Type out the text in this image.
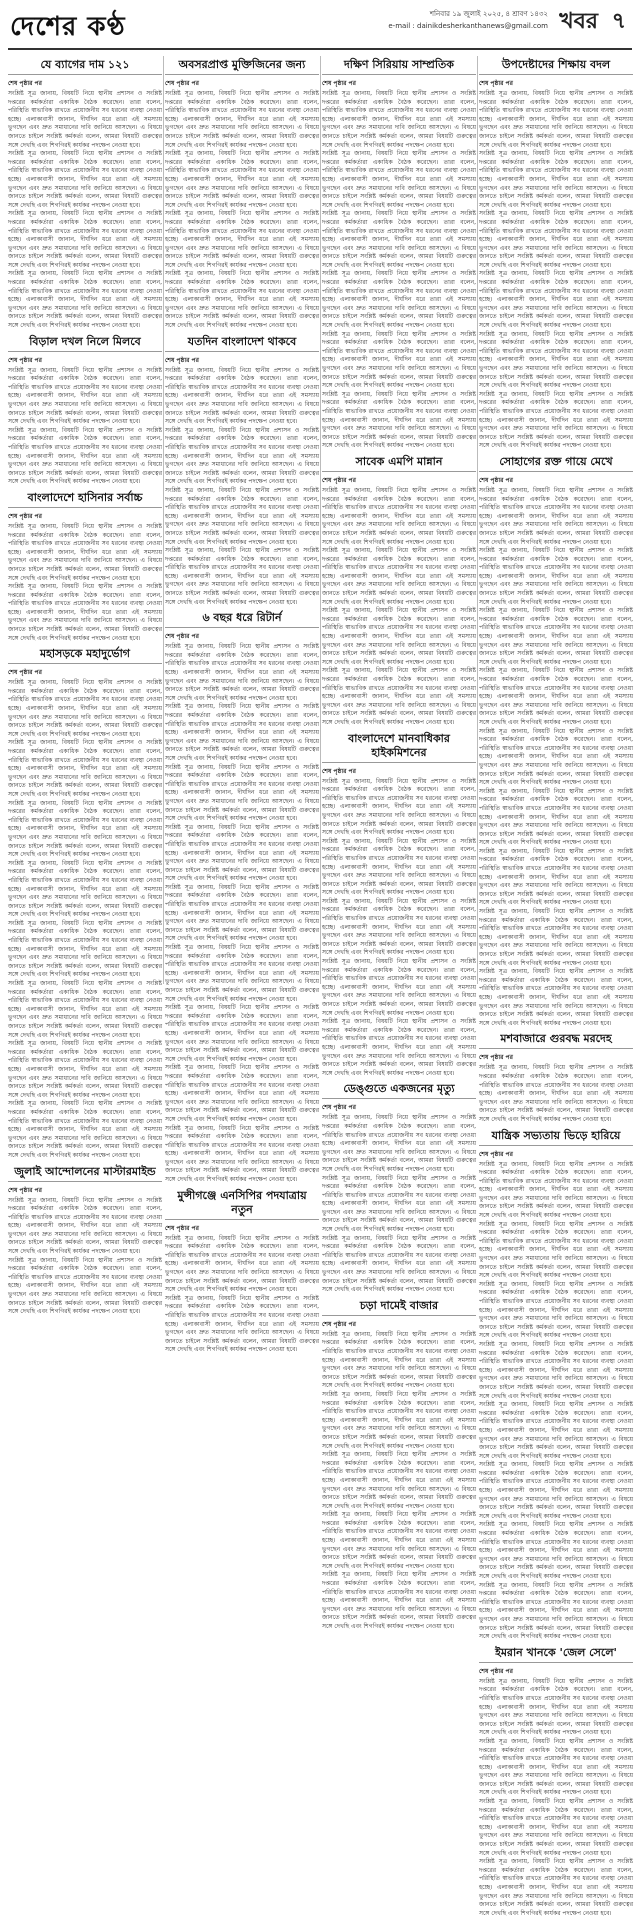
দেশের কণ্ঠ	শনিবার ১৯ জুলাই ২০২৫, ৪ শ্রাবণ ১৪৩২
e-mail : dainikdesherkanthanews@gmail.com খবর ৭
যে ব্যাগের দাম ১২১
শেষ পৃষ্ঠার পর

সংশ্লিষ্ট সূত্র জানায়, বিষয়টি নিয়ে স্থানীয় প্রশাসন ও সংশ্লিষ্ট দপ্তরের কর্মকর্তারা একাধিক বৈঠক করেছেন। তারা বলেন, পরিস্থিতি স্বাভাবিক রাখতে প্রয়োজনীয় সব ধরনের ব্যবস্থা নেওয়া হচ্ছে। এলাকাবাসী জানান, দীর্ঘদিন ধরে তারা এই সমস্যায় ভুগছেন এবং দ্রুত সমাধানের দাবি জানিয়ে আসছেন। এ বিষয়ে জানতে চাইলে সংশ্লিষ্ট কর্মকর্তা বলেন, আমরা বিষয়টি গুরুত্বের সঙ্গে দেখছি এবং শিগগিরই কার্যকর পদক্ষেপ নেওয়া হবে।

সংশ্লিষ্ট সূত্র জানায়, বিষয়টি নিয়ে স্থানীয় প্রশাসন ও সংশ্লিষ্ট দপ্তরের কর্মকর্তারা একাধিক বৈঠক করেছেন। তারা বলেন, পরিস্থিতি স্বাভাবিক রাখতে প্রয়োজনীয় সব ধরনের ব্যবস্থা নেওয়া হচ্ছে। এলাকাবাসী জানান, দীর্ঘদিন ধরে তারা এই সমস্যায় ভুগছেন এবং দ্রুত সমাধানের দাবি জানিয়ে আসছেন। এ বিষয়ে জানতে চাইলে সংশ্লিষ্ট কর্মকর্তা বলেন, আমরা বিষয়টি গুরুত্বের সঙ্গে দেখছি এবং শিগগিরই কার্যকর পদক্ষেপ নেওয়া হবে।

সংশ্লিষ্ট সূত্র জানায়, বিষয়টি নিয়ে স্থানীয় প্রশাসন ও সংশ্লিষ্ট দপ্তরের কর্মকর্তারা একাধিক বৈঠক করেছেন। তারা বলেন, পরিস্থিতি স্বাভাবিক রাখতে প্রয়োজনীয় সব ধরনের ব্যবস্থা নেওয়া হচ্ছে। এলাকাবাসী জানান, দীর্ঘদিন ধরে তারা এই সমস্যায় ভুগছেন এবং দ্রুত সমাধানের দাবি জানিয়ে আসছেন। এ বিষয়ে জানতে চাইলে সংশ্লিষ্ট কর্মকর্তা বলেন, আমরা বিষয়টি গুরুত্বের সঙ্গে দেখছি এবং শিগগিরই কার্যকর পদক্ষেপ নেওয়া হবে।

সংশ্লিষ্ট সূত্র জানায়, বিষয়টি নিয়ে স্থানীয় প্রশাসন ও সংশ্লিষ্ট দপ্তরের কর্মকর্তারা একাধিক বৈঠক করেছেন। তারা বলেন, পরিস্থিতি স্বাভাবিক রাখতে প্রয়োজনীয় সব ধরনের ব্যবস্থা নেওয়া হচ্ছে। এলাকাবাসী জানান, দীর্ঘদিন ধরে তারা এই সমস্যায় ভুগছেন এবং দ্রুত সমাধানের দাবি জানিয়ে আসছেন। এ বিষয়ে জানতে চাইলে সংশ্লিষ্ট কর্মকর্তা বলেন, আমরা বিষয়টি গুরুত্বের সঙ্গে দেখছি এবং শিগগিরই কার্যকর পদক্ষেপ নেওয়া হবে।

বিড়াল দখল নিলে মিলবে
শেষ পৃষ্ঠার পর

সংশ্লিষ্ট সূত্র জানায়, বিষয়টি নিয়ে স্থানীয় প্রশাসন ও সংশ্লিষ্ট দপ্তরের কর্মকর্তারা একাধিক বৈঠক করেছেন। তারা বলেন, পরিস্থিতি স্বাভাবিক রাখতে প্রয়োজনীয় সব ধরনের ব্যবস্থা নেওয়া হচ্ছে। এলাকাবাসী জানান, দীর্ঘদিন ধরে তারা এই সমস্যায় ভুগছেন এবং দ্রুত সমাধানের দাবি জানিয়ে আসছেন। এ বিষয়ে জানতে চাইলে সংশ্লিষ্ট কর্মকর্তা বলেন, আমরা বিষয়টি গুরুত্বের সঙ্গে দেখছি এবং শিগগিরই কার্যকর পদক্ষেপ নেওয়া হবে।

সংশ্লিষ্ট সূত্র জানায়, বিষয়টি নিয়ে স্থানীয় প্রশাসন ও সংশ্লিষ্ট দপ্তরের কর্মকর্তারা একাধিক বৈঠক করেছেন। তারা বলেন, পরিস্থিতি স্বাভাবিক রাখতে প্রয়োজনীয় সব ধরনের ব্যবস্থা নেওয়া হচ্ছে। এলাকাবাসী জানান, দীর্ঘদিন ধরে তারা এই সমস্যায় ভুগছেন এবং দ্রুত সমাধানের দাবি জানিয়ে আসছেন। এ বিষয়ে জানতে চাইলে সংশ্লিষ্ট কর্মকর্তা বলেন, আমরা বিষয়টি গুরুত্বের সঙ্গে দেখছি এবং শিগগিরই কার্যকর পদক্ষেপ নেওয়া হবে।

বাংলাদেশে হাসিনার সর্বাচ্চ
শেষ পৃষ্ঠার পর

সংশ্লিষ্ট সূত্র জানায়, বিষয়টি নিয়ে স্থানীয় প্রশাসন ও সংশ্লিষ্ট দপ্তরের কর্মকর্তারা একাধিক বৈঠক করেছেন। তারা বলেন, পরিস্থিতি স্বাভাবিক রাখতে প্রয়োজনীয় সব ধরনের ব্যবস্থা নেওয়া হচ্ছে। এলাকাবাসী জানান, দীর্ঘদিন ধরে তারা এই সমস্যায় ভুগছেন এবং দ্রুত সমাধানের দাবি জানিয়ে আসছেন। এ বিষয়ে জানতে চাইলে সংশ্লিষ্ট কর্মকর্তা বলেন, আমরা বিষয়টি গুরুত্বের সঙ্গে দেখছি এবং শিগগিরই কার্যকর পদক্ষেপ নেওয়া হবে।

সংশ্লিষ্ট সূত্র জানায়, বিষয়টি নিয়ে স্থানীয় প্রশাসন ও সংশ্লিষ্ট দপ্তরের কর্মকর্তারা একাধিক বৈঠক করেছেন। তারা বলেন, পরিস্থিতি স্বাভাবিক রাখতে প্রয়োজনীয় সব ধরনের ব্যবস্থা নেওয়া হচ্ছে। এলাকাবাসী জানান, দীর্ঘদিন ধরে তারা এই সমস্যায় ভুগছেন এবং দ্রুত সমাধানের দাবি জানিয়ে আসছেন। এ বিষয়ে জানতে চাইলে সংশ্লিষ্ট কর্মকর্তা বলেন, আমরা বিষয়টি গুরুত্বের সঙ্গে দেখছি এবং শিগগিরই কার্যকর পদক্ষেপ নেওয়া হবে।

মহাসড়কে মহাদুর্ভোগ
শেষ পৃষ্ঠার পর

সংশ্লিষ্ট সূত্র জানায়, বিষয়টি নিয়ে স্থানীয় প্রশাসন ও সংশ্লিষ্ট দপ্তরের কর্মকর্তারা একাধিক বৈঠক করেছেন। তারা বলেন, পরিস্থিতি স্বাভাবিক রাখতে প্রয়োজনীয় সব ধরনের ব্যবস্থা নেওয়া হচ্ছে। এলাকাবাসী জানান, দীর্ঘদিন ধরে তারা এই সমস্যায় ভুগছেন এবং দ্রুত সমাধানের দাবি জানিয়ে আসছেন। এ বিষয়ে জানতে চাইলে সংশ্লিষ্ট কর্মকর্তা বলেন, আমরা বিষয়টি গুরুত্বের সঙ্গে দেখছি এবং শিগগিরই কার্যকর পদক্ষেপ নেওয়া হবে।

সংশ্লিষ্ট সূত্র জানায়, বিষয়টি নিয়ে স্থানীয় প্রশাসন ও সংশ্লিষ্ট দপ্তরের কর্মকর্তারা একাধিক বৈঠক করেছেন। তারা বলেন, পরিস্থিতি স্বাভাবিক রাখতে প্রয়োজনীয় সব ধরনের ব্যবস্থা নেওয়া হচ্ছে। এলাকাবাসী জানান, দীর্ঘদিন ধরে তারা এই সমস্যায় ভুগছেন এবং দ্রুত সমাধানের দাবি জানিয়ে আসছেন। এ বিষয়ে জানতে চাইলে সংশ্লিষ্ট কর্মকর্তা বলেন, আমরা বিষয়টি গুরুত্বের সঙ্গে দেখছি এবং শিগগিরই কার্যকর পদক্ষেপ নেওয়া হবে।

সংশ্লিষ্ট সূত্র জানায়, বিষয়টি নিয়ে স্থানীয় প্রশাসন ও সংশ্লিষ্ট দপ্তরের কর্মকর্তারা একাধিক বৈঠক করেছেন। তারা বলেন, পরিস্থিতি স্বাভাবিক রাখতে প্রয়োজনীয় সব ধরনের ব্যবস্থা নেওয়া হচ্ছে। এলাকাবাসী জানান, দীর্ঘদিন ধরে তারা এই সমস্যায় ভুগছেন এবং দ্রুত সমাধানের দাবি জানিয়ে আসছেন। এ বিষয়ে জানতে চাইলে সংশ্লিষ্ট কর্মকর্তা বলেন, আমরা বিষয়টি গুরুত্বের সঙ্গে দেখছি এবং শিগগিরই কার্যকর পদক্ষেপ নেওয়া হবে।

সংশ্লিষ্ট সূত্র জানায়, বিষয়টি নিয়ে স্থানীয় প্রশাসন ও সংশ্লিষ্ট দপ্তরের কর্মকর্তারা একাধিক বৈঠক করেছেন। তারা বলেন, পরিস্থিতি স্বাভাবিক রাখতে প্রয়োজনীয় সব ধরনের ব্যবস্থা নেওয়া হচ্ছে। এলাকাবাসী জানান, দীর্ঘদিন ধরে তারা এই সমস্যায় ভুগছেন এবং দ্রুত সমাধানের দাবি জানিয়ে আসছেন। এ বিষয়ে জানতে চাইলে সংশ্লিষ্ট কর্মকর্তা বলেন, আমরা বিষয়টি গুরুত্বের সঙ্গে দেখছি এবং শিগগিরই কার্যকর পদক্ষেপ নেওয়া হবে।

সংশ্লিষ্ট সূত্র জানায়, বিষয়টি নিয়ে স্থানীয় প্রশাসন ও সংশ্লিষ্ট দপ্তরের কর্মকর্তারা একাধিক বৈঠক করেছেন। তারা বলেন, পরিস্থিতি স্বাভাবিক রাখতে প্রয়োজনীয় সব ধরনের ব্যবস্থা নেওয়া হচ্ছে। এলাকাবাসী জানান, দীর্ঘদিন ধরে তারা এই সমস্যায় ভুগছেন এবং দ্রুত সমাধানের দাবি জানিয়ে আসছেন। এ বিষয়ে জানতে চাইলে সংশ্লিষ্ট কর্মকর্তা বলেন, আমরা বিষয়টি গুরুত্বের সঙ্গে দেখছি এবং শিগগিরই কার্যকর পদক্ষেপ নেওয়া হবে।

সংশ্লিষ্ট সূত্র জানায়, বিষয়টি নিয়ে স্থানীয় প্রশাসন ও সংশ্লিষ্ট দপ্তরের কর্মকর্তারা একাধিক বৈঠক করেছেন। তারা বলেন, পরিস্থিতি স্বাভাবিক রাখতে প্রয়োজনীয় সব ধরনের ব্যবস্থা নেওয়া হচ্ছে। এলাকাবাসী জানান, দীর্ঘদিন ধরে তারা এই সমস্যায় ভুগছেন এবং দ্রুত সমাধানের দাবি জানিয়ে আসছেন। এ বিষয়ে জানতে চাইলে সংশ্লিষ্ট কর্মকর্তা বলেন, আমরা বিষয়টি গুরুত্বের সঙ্গে দেখছি এবং শিগগিরই কার্যকর পদক্ষেপ নেওয়া হবে।

সংশ্লিষ্ট সূত্র জানায়, বিষয়টি নিয়ে স্থানীয় প্রশাসন ও সংশ্লিষ্ট দপ্তরের কর্মকর্তারা একাধিক বৈঠক করেছেন। তারা বলেন, পরিস্থিতি স্বাভাবিক রাখতে প্রয়োজনীয় সব ধরনের ব্যবস্থা নেওয়া হচ্ছে। এলাকাবাসী জানান, দীর্ঘদিন ধরে তারা এই সমস্যায় ভুগছেন এবং দ্রুত সমাধানের দাবি জানিয়ে আসছেন। এ বিষয়ে জানতে চাইলে সংশ্লিষ্ট কর্মকর্তা বলেন, আমরা বিষয়টি গুরুত্বের সঙ্গে দেখছি এবং শিগগিরই কার্যকর পদক্ষেপ নেওয়া হবে।

সংশ্লিষ্ট সূত্র জানায়, বিষয়টি নিয়ে স্থানীয় প্রশাসন ও সংশ্লিষ্ট দপ্তরের কর্মকর্তারা একাধিক বৈঠক করেছেন। তারা বলেন, পরিস্থিতি স্বাভাবিক রাখতে প্রয়োজনীয় সব ধরনের ব্যবস্থা নেওয়া হচ্ছে। এলাকাবাসী জানান, দীর্ঘদিন ধরে তারা এই সমস্যায় ভুগছেন এবং দ্রুত সমাধানের দাবি জানিয়ে আসছেন। এ বিষয়ে জানতে চাইলে সংশ্লিষ্ট কর্মকর্তা বলেন, আমরা বিষয়টি গুরুত্বের সঙ্গে দেখছি এবং শিগগিরই কার্যকর পদক্ষেপ নেওয়া হবে।

জুলাই আন্দোলনের মাস্টারমাইন্ড
শেষ পৃষ্ঠার পর

সংশ্লিষ্ট সূত্র জানায়, বিষয়টি নিয়ে স্থানীয় প্রশাসন ও সংশ্লিষ্ট দপ্তরের কর্মকর্তারা একাধিক বৈঠক করেছেন। তারা বলেন, পরিস্থিতি স্বাভাবিক রাখতে প্রয়োজনীয় সব ধরনের ব্যবস্থা নেওয়া হচ্ছে। এলাকাবাসী জানান, দীর্ঘদিন ধরে তারা এই সমস্যায় ভুগছেন এবং দ্রুত সমাধানের দাবি জানিয়ে আসছেন। এ বিষয়ে জানতে চাইলে সংশ্লিষ্ট কর্মকর্তা বলেন, আমরা বিষয়টি গুরুত্বের সঙ্গে দেখছি এবং শিগগিরই কার্যকর পদক্ষেপ নেওয়া হবে।

সংশ্লিষ্ট সূত্র জানায়, বিষয়টি নিয়ে স্থানীয় প্রশাসন ও সংশ্লিষ্ট দপ্তরের কর্মকর্তারা একাধিক বৈঠক করেছেন। তারা বলেন, পরিস্থিতি স্বাভাবিক রাখতে প্রয়োজনীয় সব ধরনের ব্যবস্থা নেওয়া হচ্ছে। এলাকাবাসী জানান, দীর্ঘদিন ধরে তারা এই সমস্যায় ভুগছেন এবং দ্রুত সমাধানের দাবি জানিয়ে আসছেন। এ বিষয়ে জানতে চাইলে সংশ্লিষ্ট কর্মকর্তা বলেন, আমরা বিষয়টি গুরুত্বের সঙ্গে দেখছি এবং শিগগিরই কার্যকর পদক্ষেপ নেওয়া হবে।

অবসরপ্রাপ্ত মুক্তিজিনের জন্য
শেষ পৃষ্ঠার পর

সংশ্লিষ্ট সূত্র জানায়, বিষয়টি নিয়ে স্থানীয় প্রশাসন ও সংশ্লিষ্ট দপ্তরের কর্মকর্তারা একাধিক বৈঠক করেছেন। তারা বলেন, পরিস্থিতি স্বাভাবিক রাখতে প্রয়োজনীয় সব ধরনের ব্যবস্থা নেওয়া হচ্ছে। এলাকাবাসী জানান, দীর্ঘদিন ধরে তারা এই সমস্যায় ভুগছেন এবং দ্রুত সমাধানের দাবি জানিয়ে আসছেন। এ বিষয়ে জানতে চাইলে সংশ্লিষ্ট কর্মকর্তা বলেন, আমরা বিষয়টি গুরুত্বের সঙ্গে দেখছি এবং শিগগিরই কার্যকর পদক্ষেপ নেওয়া হবে।

সংশ্লিষ্ট সূত্র জানায়, বিষয়টি নিয়ে স্থানীয় প্রশাসন ও সংশ্লিষ্ট দপ্তরের কর্মকর্তারা একাধিক বৈঠক করেছেন। তারা বলেন, পরিস্থিতি স্বাভাবিক রাখতে প্রয়োজনীয় সব ধরনের ব্যবস্থা নেওয়া হচ্ছে। এলাকাবাসী জানান, দীর্ঘদিন ধরে তারা এই সমস্যায় ভুগছেন এবং দ্রুত সমাধানের দাবি জানিয়ে আসছেন। এ বিষয়ে জানতে চাইলে সংশ্লিষ্ট কর্মকর্তা বলেন, আমরা বিষয়টি গুরুত্বের সঙ্গে দেখছি এবং শিগগিরই কার্যকর পদক্ষেপ নেওয়া হবে।

সংশ্লিষ্ট সূত্র জানায়, বিষয়টি নিয়ে স্থানীয় প্রশাসন ও সংশ্লিষ্ট দপ্তরের কর্মকর্তারা একাধিক বৈঠক করেছেন। তারা বলেন, পরিস্থিতি স্বাভাবিক রাখতে প্রয়োজনীয় সব ধরনের ব্যবস্থা নেওয়া হচ্ছে। এলাকাবাসী জানান, দীর্ঘদিন ধরে তারা এই সমস্যায় ভুগছেন এবং দ্রুত সমাধানের দাবি জানিয়ে আসছেন। এ বিষয়ে জানতে চাইলে সংশ্লিষ্ট কর্মকর্তা বলেন, আমরা বিষয়টি গুরুত্বের সঙ্গে দেখছি এবং শিগগিরই কার্যকর পদক্ষেপ নেওয়া হবে।

সংশ্লিষ্ট সূত্র জানায়, বিষয়টি নিয়ে স্থানীয় প্রশাসন ও সংশ্লিষ্ট দপ্তরের কর্মকর্তারা একাধিক বৈঠক করেছেন। তারা বলেন, পরিস্থিতি স্বাভাবিক রাখতে প্রয়োজনীয় সব ধরনের ব্যবস্থা নেওয়া হচ্ছে। এলাকাবাসী জানান, দীর্ঘদিন ধরে তারা এই সমস্যায় ভুগছেন এবং দ্রুত সমাধানের দাবি জানিয়ে আসছেন। এ বিষয়ে জানতে চাইলে সংশ্লিষ্ট কর্মকর্তা বলেন, আমরা বিষয়টি গুরুত্বের সঙ্গে দেখছি এবং শিগগিরই কার্যকর পদক্ষেপ নেওয়া হবে।

যতদিন বাংলাদেশ থাকবে
শেষ পৃষ্ঠার পর

সংশ্লিষ্ট সূত্র জানায়, বিষয়টি নিয়ে স্থানীয় প্রশাসন ও সংশ্লিষ্ট দপ্তরের কর্মকর্তারা একাধিক বৈঠক করেছেন। তারা বলেন, পরিস্থিতি স্বাভাবিক রাখতে প্রয়োজনীয় সব ধরনের ব্যবস্থা নেওয়া হচ্ছে। এলাকাবাসী জানান, দীর্ঘদিন ধরে তারা এই সমস্যায় ভুগছেন এবং দ্রুত সমাধানের দাবি জানিয়ে আসছেন। এ বিষয়ে জানতে চাইলে সংশ্লিষ্ট কর্মকর্তা বলেন, আমরা বিষয়টি গুরুত্বের সঙ্গে দেখছি এবং শিগগিরই কার্যকর পদক্ষেপ নেওয়া হবে।

সংশ্লিষ্ট সূত্র জানায়, বিষয়টি নিয়ে স্থানীয় প্রশাসন ও সংশ্লিষ্ট দপ্তরের কর্মকর্তারা একাধিক বৈঠক করেছেন। তারা বলেন, পরিস্থিতি স্বাভাবিক রাখতে প্রয়োজনীয় সব ধরনের ব্যবস্থা নেওয়া হচ্ছে। এলাকাবাসী জানান, দীর্ঘদিন ধরে তারা এই সমস্যায় ভুগছেন এবং দ্রুত সমাধানের দাবি জানিয়ে আসছেন। এ বিষয়ে জানতে চাইলে সংশ্লিষ্ট কর্মকর্তা বলেন, আমরা বিষয়টি গুরুত্বের সঙ্গে দেখছি এবং শিগগিরই কার্যকর পদক্ষেপ নেওয়া হবে।

সংশ্লিষ্ট সূত্র জানায়, বিষয়টি নিয়ে স্থানীয় প্রশাসন ও সংশ্লিষ্ট দপ্তরের কর্মকর্তারা একাধিক বৈঠক করেছেন। তারা বলেন, পরিস্থিতি স্বাভাবিক রাখতে প্রয়োজনীয় সব ধরনের ব্যবস্থা নেওয়া হচ্ছে। এলাকাবাসী জানান, দীর্ঘদিন ধরে তারা এই সমস্যায় ভুগছেন এবং দ্রুত সমাধানের দাবি জানিয়ে আসছেন। এ বিষয়ে জানতে চাইলে সংশ্লিষ্ট কর্মকর্তা বলেন, আমরা বিষয়টি গুরুত্বের সঙ্গে দেখছি এবং শিগগিরই কার্যকর পদক্ষেপ নেওয়া হবে।

সংশ্লিষ্ট সূত্র জানায়, বিষয়টি নিয়ে স্থানীয় প্রশাসন ও সংশ্লিষ্ট দপ্তরের কর্মকর্তারা একাধিক বৈঠক করেছেন। তারা বলেন, পরিস্থিতি স্বাভাবিক রাখতে প্রয়োজনীয় সব ধরনের ব্যবস্থা নেওয়া হচ্ছে। এলাকাবাসী জানান, দীর্ঘদিন ধরে তারা এই সমস্যায় ভুগছেন এবং দ্রুত সমাধানের দাবি জানিয়ে আসছেন। এ বিষয়ে জানতে চাইলে সংশ্লিষ্ট কর্মকর্তা বলেন, আমরা বিষয়টি গুরুত্বের সঙ্গে দেখছি এবং শিগগিরই কার্যকর পদক্ষেপ নেওয়া হবে।

৬ বছর ধরে রিটার্ন
শেষ পৃষ্ঠার পর

সংশ্লিষ্ট সূত্র জানায়, বিষয়টি নিয়ে স্থানীয় প্রশাসন ও সংশ্লিষ্ট দপ্তরের কর্মকর্তারা একাধিক বৈঠক করেছেন। তারা বলেন, পরিস্থিতি স্বাভাবিক রাখতে প্রয়োজনীয় সব ধরনের ব্যবস্থা নেওয়া হচ্ছে। এলাকাবাসী জানান, দীর্ঘদিন ধরে তারা এই সমস্যায় ভুগছেন এবং দ্রুত সমাধানের দাবি জানিয়ে আসছেন। এ বিষয়ে জানতে চাইলে সংশ্লিষ্ট কর্মকর্তা বলেন, আমরা বিষয়টি গুরুত্বের সঙ্গে দেখছি এবং শিগগিরই কার্যকর পদক্ষেপ নেওয়া হবে।

সংশ্লিষ্ট সূত্র জানায়, বিষয়টি নিয়ে স্থানীয় প্রশাসন ও সংশ্লিষ্ট দপ্তরের কর্মকর্তারা একাধিক বৈঠক করেছেন। তারা বলেন, পরিস্থিতি স্বাভাবিক রাখতে প্রয়োজনীয় সব ধরনের ব্যবস্থা নেওয়া হচ্ছে। এলাকাবাসী জানান, দীর্ঘদিন ধরে তারা এই সমস্যায় ভুগছেন এবং দ্রুত সমাধানের দাবি জানিয়ে আসছেন। এ বিষয়ে জানতে চাইলে সংশ্লিষ্ট কর্মকর্তা বলেন, আমরা বিষয়টি গুরুত্বের সঙ্গে দেখছি এবং শিগগিরই কার্যকর পদক্ষেপ নেওয়া হবে।

সংশ্লিষ্ট সূত্র জানায়, বিষয়টি নিয়ে স্থানীয় প্রশাসন ও সংশ্লিষ্ট দপ্তরের কর্মকর্তারা একাধিক বৈঠক করেছেন। তারা বলেন, পরিস্থিতি স্বাভাবিক রাখতে প্রয়োজনীয় সব ধরনের ব্যবস্থা নেওয়া হচ্ছে। এলাকাবাসী জানান, দীর্ঘদিন ধরে তারা এই সমস্যায় ভুগছেন এবং দ্রুত সমাধানের দাবি জানিয়ে আসছেন। এ বিষয়ে জানতে চাইলে সংশ্লিষ্ট কর্মকর্তা বলেন, আমরা বিষয়টি গুরুত্বের সঙ্গে দেখছি এবং শিগগিরই কার্যকর পদক্ষেপ নেওয়া হবে।

সংশ্লিষ্ট সূত্র জানায়, বিষয়টি নিয়ে স্থানীয় প্রশাসন ও সংশ্লিষ্ট দপ্তরের কর্মকর্তারা একাধিক বৈঠক করেছেন। তারা বলেন, পরিস্থিতি স্বাভাবিক রাখতে প্রয়োজনীয় সব ধরনের ব্যবস্থা নেওয়া হচ্ছে। এলাকাবাসী জানান, দীর্ঘদিন ধরে তারা এই সমস্যায় ভুগছেন এবং দ্রুত সমাধানের দাবি জানিয়ে আসছেন। এ বিষয়ে জানতে চাইলে সংশ্লিষ্ট কর্মকর্তা বলেন, আমরা বিষয়টি গুরুত্বের সঙ্গে দেখছি এবং শিগগিরই কার্যকর পদক্ষেপ নেওয়া হবে।

সংশ্লিষ্ট সূত্র জানায়, বিষয়টি নিয়ে স্থানীয় প্রশাসন ও সংশ্লিষ্ট দপ্তরের কর্মকর্তারা একাধিক বৈঠক করেছেন। তারা বলেন, পরিস্থিতি স্বাভাবিক রাখতে প্রয়োজনীয় সব ধরনের ব্যবস্থা নেওয়া হচ্ছে। এলাকাবাসী জানান, দীর্ঘদিন ধরে তারা এই সমস্যায় ভুগছেন এবং দ্রুত সমাধানের দাবি জানিয়ে আসছেন। এ বিষয়ে জানতে চাইলে সংশ্লিষ্ট কর্মকর্তা বলেন, আমরা বিষয়টি গুরুত্বের সঙ্গে দেখছি এবং শিগগিরই কার্যকর পদক্ষেপ নেওয়া হবে।

সংশ্লিষ্ট সূত্র জানায়, বিষয়টি নিয়ে স্থানীয় প্রশাসন ও সংশ্লিষ্ট দপ্তরের কর্মকর্তারা একাধিক বৈঠক করেছেন। তারা বলেন, পরিস্থিতি স্বাভাবিক রাখতে প্রয়োজনীয় সব ধরনের ব্যবস্থা নেওয়া হচ্ছে। এলাকাবাসী জানান, দীর্ঘদিন ধরে তারা এই সমস্যায় ভুগছেন এবং দ্রুত সমাধানের দাবি জানিয়ে আসছেন। এ বিষয়ে জানতে চাইলে সংশ্লিষ্ট কর্মকর্তা বলেন, আমরা বিষয়টি গুরুত্বের সঙ্গে দেখছি এবং শিগগিরই কার্যকর পদক্ষেপ নেওয়া হবে।

সংশ্লিষ্ট সূত্র জানায়, বিষয়টি নিয়ে স্থানীয় প্রশাসন ও সংশ্লিষ্ট দপ্তরের কর্মকর্তারা একাধিক বৈঠক করেছেন। তারা বলেন, পরিস্থিতি স্বাভাবিক রাখতে প্রয়োজনীয় সব ধরনের ব্যবস্থা নেওয়া হচ্ছে। এলাকাবাসী জানান, দীর্ঘদিন ধরে তারা এই সমস্যায় ভুগছেন এবং দ্রুত সমাধানের দাবি জানিয়ে আসছেন। এ বিষয়ে জানতে চাইলে সংশ্লিষ্ট কর্মকর্তা বলেন, আমরা বিষয়টি গুরুত্বের সঙ্গে দেখছি এবং শিগগিরই কার্যকর পদক্ষেপ নেওয়া হবে।

সংশ্লিষ্ট সূত্র জানায়, বিষয়টি নিয়ে স্থানীয় প্রশাসন ও সংশ্লিষ্ট দপ্তরের কর্মকর্তারা একাধিক বৈঠক করেছেন। তারা বলেন, পরিস্থিতি স্বাভাবিক রাখতে প্রয়োজনীয় সব ধরনের ব্যবস্থা নেওয়া হচ্ছে। এলাকাবাসী জানান, দীর্ঘদিন ধরে তারা এই সমস্যায় ভুগছেন এবং দ্রুত সমাধানের দাবি জানিয়ে আসছেন। এ বিষয়ে জানতে চাইলে সংশ্লিষ্ট কর্মকর্তা বলেন, আমরা বিষয়টি গুরুত্বের সঙ্গে দেখছি এবং শিগগিরই কার্যকর পদক্ষেপ নেওয়া হবে।

সংশ্লিষ্ট সূত্র জানায়, বিষয়টি নিয়ে স্থানীয় প্রশাসন ও সংশ্লিষ্ট দপ্তরের কর্মকর্তারা একাধিক বৈঠক করেছেন। তারা বলেন, পরিস্থিতি স্বাভাবিক রাখতে প্রয়োজনীয় সব ধরনের ব্যবস্থা নেওয়া হচ্ছে। এলাকাবাসী জানান, দীর্ঘদিন ধরে তারা এই সমস্যায় ভুগছেন এবং দ্রুত সমাধানের দাবি জানিয়ে আসছেন। এ বিষয়ে জানতে চাইলে সংশ্লিষ্ট কর্মকর্তা বলেন, আমরা বিষয়টি গুরুত্বের সঙ্গে দেখছি এবং শিগগিরই কার্যকর পদক্ষেপ নেওয়া হবে।

মুন্সীগঞ্জে এনসিপির পদযাত্রায় নতুন
শেষ পৃষ্ঠার পর

সংশ্লিষ্ট সূত্র জানায়, বিষয়টি নিয়ে স্থানীয় প্রশাসন ও সংশ্লিষ্ট দপ্তরের কর্মকর্তারা একাধিক বৈঠক করেছেন। তারা বলেন, পরিস্থিতি স্বাভাবিক রাখতে প্রয়োজনীয় সব ধরনের ব্যবস্থা নেওয়া হচ্ছে। এলাকাবাসী জানান, দীর্ঘদিন ধরে তারা এই সমস্যায় ভুগছেন এবং দ্রুত সমাধানের দাবি জানিয়ে আসছেন। এ বিষয়ে জানতে চাইলে সংশ্লিষ্ট কর্মকর্তা বলেন, আমরা বিষয়টি গুরুত্বের সঙ্গে দেখছি এবং শিগগিরই কার্যকর পদক্ষেপ নেওয়া হবে।

সংশ্লিষ্ট সূত্র জানায়, বিষয়টি নিয়ে স্থানীয় প্রশাসন ও সংশ্লিষ্ট দপ্তরের কর্মকর্তারা একাধিক বৈঠক করেছেন। তারা বলেন, পরিস্থিতি স্বাভাবিক রাখতে প্রয়োজনীয় সব ধরনের ব্যবস্থা নেওয়া হচ্ছে। এলাকাবাসী জানান, দীর্ঘদিন ধরে তারা এই সমস্যায় ভুগছেন এবং দ্রুত সমাধানের দাবি জানিয়ে আসছেন। এ বিষয়ে জানতে চাইলে সংশ্লিষ্ট কর্মকর্তা বলেন, আমরা বিষয়টি গুরুত্বের সঙ্গে দেখছি এবং শিগগিরই কার্যকর পদক্ষেপ নেওয়া হবে।

দক্ষিণ সিরিয়ায় সাম্প্রতিক
শেষ পৃষ্ঠার পর

সংশ্লিষ্ট সূত্র জানায়, বিষয়টি নিয়ে স্থানীয় প্রশাসন ও সংশ্লিষ্ট দপ্তরের কর্মকর্তারা একাধিক বৈঠক করেছেন। তারা বলেন, পরিস্থিতি স্বাভাবিক রাখতে প্রয়োজনীয় সব ধরনের ব্যবস্থা নেওয়া হচ্ছে। এলাকাবাসী জানান, দীর্ঘদিন ধরে তারা এই সমস্যায় ভুগছেন এবং দ্রুত সমাধানের দাবি জানিয়ে আসছেন। এ বিষয়ে জানতে চাইলে সংশ্লিষ্ট কর্মকর্তা বলেন, আমরা বিষয়টি গুরুত্বের সঙ্গে দেখছি এবং শিগগিরই কার্যকর পদক্ষেপ নেওয়া হবে।

সংশ্লিষ্ট সূত্র জানায়, বিষয়টি নিয়ে স্থানীয় প্রশাসন ও সংশ্লিষ্ট দপ্তরের কর্মকর্তারা একাধিক বৈঠক করেছেন। তারা বলেন, পরিস্থিতি স্বাভাবিক রাখতে প্রয়োজনীয় সব ধরনের ব্যবস্থা নেওয়া হচ্ছে। এলাকাবাসী জানান, দীর্ঘদিন ধরে তারা এই সমস্যায় ভুগছেন এবং দ্রুত সমাধানের দাবি জানিয়ে আসছেন। এ বিষয়ে জানতে চাইলে সংশ্লিষ্ট কর্মকর্তা বলেন, আমরা বিষয়টি গুরুত্বের সঙ্গে দেখছি এবং শিগগিরই কার্যকর পদক্ষেপ নেওয়া হবে।

সংশ্লিষ্ট সূত্র জানায়, বিষয়টি নিয়ে স্থানীয় প্রশাসন ও সংশ্লিষ্ট দপ্তরের কর্মকর্তারা একাধিক বৈঠক করেছেন। তারা বলেন, পরিস্থিতি স্বাভাবিক রাখতে প্রয়োজনীয় সব ধরনের ব্যবস্থা নেওয়া হচ্ছে। এলাকাবাসী জানান, দীর্ঘদিন ধরে তারা এই সমস্যায় ভুগছেন এবং দ্রুত সমাধানের দাবি জানিয়ে আসছেন। এ বিষয়ে জানতে চাইলে সংশ্লিষ্ট কর্মকর্তা বলেন, আমরা বিষয়টি গুরুত্বের সঙ্গে দেখছি এবং শিগগিরই কার্যকর পদক্ষেপ নেওয়া হবে।

সংশ্লিষ্ট সূত্র জানায়, বিষয়টি নিয়ে স্থানীয় প্রশাসন ও সংশ্লিষ্ট দপ্তরের কর্মকর্তারা একাধিক বৈঠক করেছেন। তারা বলেন, পরিস্থিতি স্বাভাবিক রাখতে প্রয়োজনীয় সব ধরনের ব্যবস্থা নেওয়া হচ্ছে। এলাকাবাসী জানান, দীর্ঘদিন ধরে তারা এই সমস্যায় ভুগছেন এবং দ্রুত সমাধানের দাবি জানিয়ে আসছেন। এ বিষয়ে জানতে চাইলে সংশ্লিষ্ট কর্মকর্তা বলেন, আমরা বিষয়টি গুরুত্বের সঙ্গে দেখছি এবং শিগগিরই কার্যকর পদক্ষেপ নেওয়া হবে।

সংশ্লিষ্ট সূত্র জানায়, বিষয়টি নিয়ে স্থানীয় প্রশাসন ও সংশ্লিষ্ট দপ্তরের কর্মকর্তারা একাধিক বৈঠক করেছেন। তারা বলেন, পরিস্থিতি স্বাভাবিক রাখতে প্রয়োজনীয় সব ধরনের ব্যবস্থা নেওয়া হচ্ছে। এলাকাবাসী জানান, দীর্ঘদিন ধরে তারা এই সমস্যায় ভুগছেন এবং দ্রুত সমাধানের দাবি জানিয়ে আসছেন। এ বিষয়ে জানতে চাইলে সংশ্লিষ্ট কর্মকর্তা বলেন, আমরা বিষয়টি গুরুত্বের সঙ্গে দেখছি এবং শিগগিরই কার্যকর পদক্ষেপ নেওয়া হবে।

সংশ্লিষ্ট সূত্র জানায়, বিষয়টি নিয়ে স্থানীয় প্রশাসন ও সংশ্লিষ্ট দপ্তরের কর্মকর্তারা একাধিক বৈঠক করেছেন। তারা বলেন, পরিস্থিতি স্বাভাবিক রাখতে প্রয়োজনীয় সব ধরনের ব্যবস্থা নেওয়া হচ্ছে। এলাকাবাসী জানান, দীর্ঘদিন ধরে তারা এই সমস্যায় ভুগছেন এবং দ্রুত সমাধানের দাবি জানিয়ে আসছেন। এ বিষয়ে জানতে চাইলে সংশ্লিষ্ট কর্মকর্তা বলেন, আমরা বিষয়টি গুরুত্বের সঙ্গে দেখছি এবং শিগগিরই কার্যকর পদক্ষেপ নেওয়া হবে।

সাবেক এমপি মান্নান
শেষ পৃষ্ঠার পর

সংশ্লিষ্ট সূত্র জানায়, বিষয়টি নিয়ে স্থানীয় প্রশাসন ও সংশ্লিষ্ট দপ্তরের কর্মকর্তারা একাধিক বৈঠক করেছেন। তারা বলেন, পরিস্থিতি স্বাভাবিক রাখতে প্রয়োজনীয় সব ধরনের ব্যবস্থা নেওয়া হচ্ছে। এলাকাবাসী জানান, দীর্ঘদিন ধরে তারা এই সমস্যায় ভুগছেন এবং দ্রুত সমাধানের দাবি জানিয়ে আসছেন। এ বিষয়ে জানতে চাইলে সংশ্লিষ্ট কর্মকর্তা বলেন, আমরা বিষয়টি গুরুত্বের সঙ্গে দেখছি এবং শিগগিরই কার্যকর পদক্ষেপ নেওয়া হবে।

সংশ্লিষ্ট সূত্র জানায়, বিষয়টি নিয়ে স্থানীয় প্রশাসন ও সংশ্লিষ্ট দপ্তরের কর্মকর্তারা একাধিক বৈঠক করেছেন। তারা বলেন, পরিস্থিতি স্বাভাবিক রাখতে প্রয়োজনীয় সব ধরনের ব্যবস্থা নেওয়া হচ্ছে। এলাকাবাসী জানান, দীর্ঘদিন ধরে তারা এই সমস্যায় ভুগছেন এবং দ্রুত সমাধানের দাবি জানিয়ে আসছেন। এ বিষয়ে জানতে চাইলে সংশ্লিষ্ট কর্মকর্তা বলেন, আমরা বিষয়টি গুরুত্বের সঙ্গে দেখছি এবং শিগগিরই কার্যকর পদক্ষেপ নেওয়া হবে।

সংশ্লিষ্ট সূত্র জানায়, বিষয়টি নিয়ে স্থানীয় প্রশাসন ও সংশ্লিষ্ট দপ্তরের কর্মকর্তারা একাধিক বৈঠক করেছেন। তারা বলেন, পরিস্থিতি স্বাভাবিক রাখতে প্রয়োজনীয় সব ধরনের ব্যবস্থা নেওয়া হচ্ছে। এলাকাবাসী জানান, দীর্ঘদিন ধরে তারা এই সমস্যায় ভুগছেন এবং দ্রুত সমাধানের দাবি জানিয়ে আসছেন। এ বিষয়ে জানতে চাইলে সংশ্লিষ্ট কর্মকর্তা বলেন, আমরা বিষয়টি গুরুত্বের সঙ্গে দেখছি এবং শিগগিরই কার্যকর পদক্ষেপ নেওয়া হবে।

সংশ্লিষ্ট সূত্র জানায়, বিষয়টি নিয়ে স্থানীয় প্রশাসন ও সংশ্লিষ্ট দপ্তরের কর্মকর্তারা একাধিক বৈঠক করেছেন। তারা বলেন, পরিস্থিতি স্বাভাবিক রাখতে প্রয়োজনীয় সব ধরনের ব্যবস্থা নেওয়া হচ্ছে। এলাকাবাসী জানান, দীর্ঘদিন ধরে তারা এই সমস্যায় ভুগছেন এবং দ্রুত সমাধানের দাবি জানিয়ে আসছেন। এ বিষয়ে জানতে চাইলে সংশ্লিষ্ট কর্মকর্তা বলেন, আমরা বিষয়টি গুরুত্বের সঙ্গে দেখছি এবং শিগগিরই কার্যকর পদক্ষেপ নেওয়া হবে।

বাংলাদেশে মানবাধিকার হাইকমিশনের
শেষ পৃষ্ঠার পর

সংশ্লিষ্ট সূত্র জানায়, বিষয়টি নিয়ে স্থানীয় প্রশাসন ও সংশ্লিষ্ট দপ্তরের কর্মকর্তারা একাধিক বৈঠক করেছেন। তারা বলেন, পরিস্থিতি স্বাভাবিক রাখতে প্রয়োজনীয় সব ধরনের ব্যবস্থা নেওয়া হচ্ছে। এলাকাবাসী জানান, দীর্ঘদিন ধরে তারা এই সমস্যায় ভুগছেন এবং দ্রুত সমাধানের দাবি জানিয়ে আসছেন। এ বিষয়ে জানতে চাইলে সংশ্লিষ্ট কর্মকর্তা বলেন, আমরা বিষয়টি গুরুত্বের সঙ্গে দেখছি এবং শিগগিরই কার্যকর পদক্ষেপ নেওয়া হবে।

সংশ্লিষ্ট সূত্র জানায়, বিষয়টি নিয়ে স্থানীয় প্রশাসন ও সংশ্লিষ্ট দপ্তরের কর্মকর্তারা একাধিক বৈঠক করেছেন। তারা বলেন, পরিস্থিতি স্বাভাবিক রাখতে প্রয়োজনীয় সব ধরনের ব্যবস্থা নেওয়া হচ্ছে। এলাকাবাসী জানান, দীর্ঘদিন ধরে তারা এই সমস্যায় ভুগছেন এবং দ্রুত সমাধানের দাবি জানিয়ে আসছেন। এ বিষয়ে জানতে চাইলে সংশ্লিষ্ট কর্মকর্তা বলেন, আমরা বিষয়টি গুরুত্বের সঙ্গে দেখছি এবং শিগগিরই কার্যকর পদক্ষেপ নেওয়া হবে।

সংশ্লিষ্ট সূত্র জানায়, বিষয়টি নিয়ে স্থানীয় প্রশাসন ও সংশ্লিষ্ট দপ্তরের কর্মকর্তারা একাধিক বৈঠক করেছেন। তারা বলেন, পরিস্থিতি স্বাভাবিক রাখতে প্রয়োজনীয় সব ধরনের ব্যবস্থা নেওয়া হচ্ছে। এলাকাবাসী জানান, দীর্ঘদিন ধরে তারা এই সমস্যায় ভুগছেন এবং দ্রুত সমাধানের দাবি জানিয়ে আসছেন। এ বিষয়ে জানতে চাইলে সংশ্লিষ্ট কর্মকর্তা বলেন, আমরা বিষয়টি গুরুত্বের সঙ্গে দেখছি এবং শিগগিরই কার্যকর পদক্ষেপ নেওয়া হবে।

সংশ্লিষ্ট সূত্র জানায়, বিষয়টি নিয়ে স্থানীয় প্রশাসন ও সংশ্লিষ্ট দপ্তরের কর্মকর্তারা একাধিক বৈঠক করেছেন। তারা বলেন, পরিস্থিতি স্বাভাবিক রাখতে প্রয়োজনীয় সব ধরনের ব্যবস্থা নেওয়া হচ্ছে। এলাকাবাসী জানান, দীর্ঘদিন ধরে তারা এই সমস্যায় ভুগছেন এবং দ্রুত সমাধানের দাবি জানিয়ে আসছেন। এ বিষয়ে জানতে চাইলে সংশ্লিষ্ট কর্মকর্তা বলেন, আমরা বিষয়টি গুরুত্বের সঙ্গে দেখছি এবং শিগগিরই কার্যকর পদক্ষেপ নেওয়া হবে।

সংশ্লিষ্ট সূত্র জানায়, বিষয়টি নিয়ে স্থানীয় প্রশাসন ও সংশ্লিষ্ট দপ্তরের কর্মকর্তারা একাধিক বৈঠক করেছেন। তারা বলেন, পরিস্থিতি স্বাভাবিক রাখতে প্রয়োজনীয় সব ধরনের ব্যবস্থা নেওয়া হচ্ছে। এলাকাবাসী জানান, দীর্ঘদিন ধরে তারা এই সমস্যায় ভুগছেন এবং দ্রুত সমাধানের দাবি জানিয়ে আসছেন। এ বিষয়ে জানতে চাইলে সংশ্লিষ্ট কর্মকর্তা বলেন, আমরা বিষয়টি গুরুত্বের সঙ্গে দেখছি এবং শিগগিরই কার্যকর পদক্ষেপ নেওয়া হবে।

ডেঙ্গুতে একজনের মৃত্যু
শেষ পৃষ্ঠার পর

সংশ্লিষ্ট সূত্র জানায়, বিষয়টি নিয়ে স্থানীয় প্রশাসন ও সংশ্লিষ্ট দপ্তরের কর্মকর্তারা একাধিক বৈঠক করেছেন। তারা বলেন, পরিস্থিতি স্বাভাবিক রাখতে প্রয়োজনীয় সব ধরনের ব্যবস্থা নেওয়া হচ্ছে। এলাকাবাসী জানান, দীর্ঘদিন ধরে তারা এই সমস্যায় ভুগছেন এবং দ্রুত সমাধানের দাবি জানিয়ে আসছেন। এ বিষয়ে জানতে চাইলে সংশ্লিষ্ট কর্মকর্তা বলেন, আমরা বিষয়টি গুরুত্বের সঙ্গে দেখছি এবং শিগগিরই কার্যকর পদক্ষেপ নেওয়া হবে।

সংশ্লিষ্ট সূত্র জানায়, বিষয়টি নিয়ে স্থানীয় প্রশাসন ও সংশ্লিষ্ট দপ্তরের কর্মকর্তারা একাধিক বৈঠক করেছেন। তারা বলেন, পরিস্থিতি স্বাভাবিক রাখতে প্রয়োজনীয় সব ধরনের ব্যবস্থা নেওয়া হচ্ছে। এলাকাবাসী জানান, দীর্ঘদিন ধরে তারা এই সমস্যায় ভুগছেন এবং দ্রুত সমাধানের দাবি জানিয়ে আসছেন। এ বিষয়ে জানতে চাইলে সংশ্লিষ্ট কর্মকর্তা বলেন, আমরা বিষয়টি গুরুত্বের সঙ্গে দেখছি এবং শিগগিরই কার্যকর পদক্ষেপ নেওয়া হবে।

সংশ্লিষ্ট সূত্র জানায়, বিষয়টি নিয়ে স্থানীয় প্রশাসন ও সংশ্লিষ্ট দপ্তরের কর্মকর্তারা একাধিক বৈঠক করেছেন। তারা বলেন, পরিস্থিতি স্বাভাবিক রাখতে প্রয়োজনীয় সব ধরনের ব্যবস্থা নেওয়া হচ্ছে। এলাকাবাসী জানান, দীর্ঘদিন ধরে তারা এই সমস্যায় ভুগছেন এবং দ্রুত সমাধানের দাবি জানিয়ে আসছেন। এ বিষয়ে জানতে চাইলে সংশ্লিষ্ট কর্মকর্তা বলেন, আমরা বিষয়টি গুরুত্বের সঙ্গে দেখছি এবং শিগগিরই কার্যকর পদক্ষেপ নেওয়া হবে।

চড়া দামেই বাজার
শেষ পৃষ্ঠার পর

সংশ্লিষ্ট সূত্র জানায়, বিষয়টি নিয়ে স্থানীয় প্রশাসন ও সংশ্লিষ্ট দপ্তরের কর্মকর্তারা একাধিক বৈঠক করেছেন। তারা বলেন, পরিস্থিতি স্বাভাবিক রাখতে প্রয়োজনীয় সব ধরনের ব্যবস্থা নেওয়া হচ্ছে। এলাকাবাসী জানান, দীর্ঘদিন ধরে তারা এই সমস্যায় ভুগছেন এবং দ্রুত সমাধানের দাবি জানিয়ে আসছেন। এ বিষয়ে জানতে চাইলে সংশ্লিষ্ট কর্মকর্তা বলেন, আমরা বিষয়টি গুরুত্বের সঙ্গে দেখছি এবং শিগগিরই কার্যকর পদক্ষেপ নেওয়া হবে।

সংশ্লিষ্ট সূত্র জানায়, বিষয়টি নিয়ে স্থানীয় প্রশাসন ও সংশ্লিষ্ট দপ্তরের কর্মকর্তারা একাধিক বৈঠক করেছেন। তারা বলেন, পরিস্থিতি স্বাভাবিক রাখতে প্রয়োজনীয় সব ধরনের ব্যবস্থা নেওয়া হচ্ছে। এলাকাবাসী জানান, দীর্ঘদিন ধরে তারা এই সমস্যায় ভুগছেন এবং দ্রুত সমাধানের দাবি জানিয়ে আসছেন। এ বিষয়ে জানতে চাইলে সংশ্লিষ্ট কর্মকর্তা বলেন, আমরা বিষয়টি গুরুত্বের সঙ্গে দেখছি এবং শিগগিরই কার্যকর পদক্ষেপ নেওয়া হবে।

সংশ্লিষ্ট সূত্র জানায়, বিষয়টি নিয়ে স্থানীয় প্রশাসন ও সংশ্লিষ্ট দপ্তরের কর্মকর্তারা একাধিক বৈঠক করেছেন। তারা বলেন, পরিস্থিতি স্বাভাবিক রাখতে প্রয়োজনীয় সব ধরনের ব্যবস্থা নেওয়া হচ্ছে। এলাকাবাসী জানান, দীর্ঘদিন ধরে তারা এই সমস্যায় ভুগছেন এবং দ্রুত সমাধানের দাবি জানিয়ে আসছেন। এ বিষয়ে জানতে চাইলে সংশ্লিষ্ট কর্মকর্তা বলেন, আমরা বিষয়টি গুরুত্বের সঙ্গে দেখছি এবং শিগগিরই কার্যকর পদক্ষেপ নেওয়া হবে।

সংশ্লিষ্ট সূত্র জানায়, বিষয়টি নিয়ে স্থানীয় প্রশাসন ও সংশ্লিষ্ট দপ্তরের কর্মকর্তারা একাধিক বৈঠক করেছেন। তারা বলেন, পরিস্থিতি স্বাভাবিক রাখতে প্রয়োজনীয় সব ধরনের ব্যবস্থা নেওয়া হচ্ছে। এলাকাবাসী জানান, দীর্ঘদিন ধরে তারা এই সমস্যায় ভুগছেন এবং দ্রুত সমাধানের দাবি জানিয়ে আসছেন। এ বিষয়ে জানতে চাইলে সংশ্লিষ্ট কর্মকর্তা বলেন, আমরা বিষয়টি গুরুত্বের সঙ্গে দেখছি এবং শিগগিরই কার্যকর পদক্ষেপ নেওয়া হবে।

সংশ্লিষ্ট সূত্র জানায়, বিষয়টি নিয়ে স্থানীয় প্রশাসন ও সংশ্লিষ্ট দপ্তরের কর্মকর্তারা একাধিক বৈঠক করেছেন। তারা বলেন, পরিস্থিতি স্বাভাবিক রাখতে প্রয়োজনীয় সব ধরনের ব্যবস্থা নেওয়া হচ্ছে। এলাকাবাসী জানান, দীর্ঘদিন ধরে তারা এই সমস্যায় ভুগছেন এবং দ্রুত সমাধানের দাবি জানিয়ে আসছেন। এ বিষয়ে জানতে চাইলে সংশ্লিষ্ট কর্মকর্তা বলেন, আমরা বিষয়টি গুরুত্বের সঙ্গে দেখছি এবং শিগগিরই কার্যকর পদক্ষেপ নেওয়া হবে।

উপদেষ্টাদের শিক্ষায় বদল
শেষ পৃষ্ঠার পর

সংশ্লিষ্ট সূত্র জানায়, বিষয়টি নিয়ে স্থানীয় প্রশাসন ও সংশ্লিষ্ট দপ্তরের কর্মকর্তারা একাধিক বৈঠক করেছেন। তারা বলেন, পরিস্থিতি স্বাভাবিক রাখতে প্রয়োজনীয় সব ধরনের ব্যবস্থা নেওয়া হচ্ছে। এলাকাবাসী জানান, দীর্ঘদিন ধরে তারা এই সমস্যায় ভুগছেন এবং দ্রুত সমাধানের দাবি জানিয়ে আসছেন। এ বিষয়ে জানতে চাইলে সংশ্লিষ্ট কর্মকর্তা বলেন, আমরা বিষয়টি গুরুত্বের সঙ্গে দেখছি এবং শিগগিরই কার্যকর পদক্ষেপ নেওয়া হবে।

সংশ্লিষ্ট সূত্র জানায়, বিষয়টি নিয়ে স্থানীয় প্রশাসন ও সংশ্লিষ্ট দপ্তরের কর্মকর্তারা একাধিক বৈঠক করেছেন। তারা বলেন, পরিস্থিতি স্বাভাবিক রাখতে প্রয়োজনীয় সব ধরনের ব্যবস্থা নেওয়া হচ্ছে। এলাকাবাসী জানান, দীর্ঘদিন ধরে তারা এই সমস্যায় ভুগছেন এবং দ্রুত সমাধানের দাবি জানিয়ে আসছেন। এ বিষয়ে জানতে চাইলে সংশ্লিষ্ট কর্মকর্তা বলেন, আমরা বিষয়টি গুরুত্বের সঙ্গে দেখছি এবং শিগগিরই কার্যকর পদক্ষেপ নেওয়া হবে।

সংশ্লিষ্ট সূত্র জানায়, বিষয়টি নিয়ে স্থানীয় প্রশাসন ও সংশ্লিষ্ট দপ্তরের কর্মকর্তারা একাধিক বৈঠক করেছেন। তারা বলেন, পরিস্থিতি স্বাভাবিক রাখতে প্রয়োজনীয় সব ধরনের ব্যবস্থা নেওয়া হচ্ছে। এলাকাবাসী জানান, দীর্ঘদিন ধরে তারা এই সমস্যায় ভুগছেন এবং দ্রুত সমাধানের দাবি জানিয়ে আসছেন। এ বিষয়ে জানতে চাইলে সংশ্লিষ্ট কর্মকর্তা বলেন, আমরা বিষয়টি গুরুত্বের সঙ্গে দেখছি এবং শিগগিরই কার্যকর পদক্ষেপ নেওয়া হবে।

সংশ্লিষ্ট সূত্র জানায়, বিষয়টি নিয়ে স্থানীয় প্রশাসন ও সংশ্লিষ্ট দপ্তরের কর্মকর্তারা একাধিক বৈঠক করেছেন। তারা বলেন, পরিস্থিতি স্বাভাবিক রাখতে প্রয়োজনীয় সব ধরনের ব্যবস্থা নেওয়া হচ্ছে। এলাকাবাসী জানান, দীর্ঘদিন ধরে তারা এই সমস্যায় ভুগছেন এবং দ্রুত সমাধানের দাবি জানিয়ে আসছেন। এ বিষয়ে জানতে চাইলে সংশ্লিষ্ট কর্মকর্তা বলেন, আমরা বিষয়টি গুরুত্বের সঙ্গে দেখছি এবং শিগগিরই কার্যকর পদক্ষেপ নেওয়া হবে।

সংশ্লিষ্ট সূত্র জানায়, বিষয়টি নিয়ে স্থানীয় প্রশাসন ও সংশ্লিষ্ট দপ্তরের কর্মকর্তারা একাধিক বৈঠক করেছেন। তারা বলেন, পরিস্থিতি স্বাভাবিক রাখতে প্রয়োজনীয় সব ধরনের ব্যবস্থা নেওয়া হচ্ছে। এলাকাবাসী জানান, দীর্ঘদিন ধরে তারা এই সমস্যায় ভুগছেন এবং দ্রুত সমাধানের দাবি জানিয়ে আসছেন। এ বিষয়ে জানতে চাইলে সংশ্লিষ্ট কর্মকর্তা বলেন, আমরা বিষয়টি গুরুত্বের সঙ্গে দেখছি এবং শিগগিরই কার্যকর পদক্ষেপ নেওয়া হবে।

সংশ্লিষ্ট সূত্র জানায়, বিষয়টি নিয়ে স্থানীয় প্রশাসন ও সংশ্লিষ্ট দপ্তরের কর্মকর্তারা একাধিক বৈঠক করেছেন। তারা বলেন, পরিস্থিতি স্বাভাবিক রাখতে প্রয়োজনীয় সব ধরনের ব্যবস্থা নেওয়া হচ্ছে। এলাকাবাসী জানান, দীর্ঘদিন ধরে তারা এই সমস্যায় ভুগছেন এবং দ্রুত সমাধানের দাবি জানিয়ে আসছেন। এ বিষয়ে জানতে চাইলে সংশ্লিষ্ট কর্মকর্তা বলেন, আমরা বিষয়টি গুরুত্বের সঙ্গে দেখছি এবং শিগগিরই কার্যকর পদক্ষেপ নেওয়া হবে।

সোহাগের রক্ত গায়ে মেখে
শেষ পৃষ্ঠার পর

সংশ্লিষ্ট সূত্র জানায়, বিষয়টি নিয়ে স্থানীয় প্রশাসন ও সংশ্লিষ্ট দপ্তরের কর্মকর্তারা একাধিক বৈঠক করেছেন। তারা বলেন, পরিস্থিতি স্বাভাবিক রাখতে প্রয়োজনীয় সব ধরনের ব্যবস্থা নেওয়া হচ্ছে। এলাকাবাসী জানান, দীর্ঘদিন ধরে তারা এই সমস্যায় ভুগছেন এবং দ্রুত সমাধানের দাবি জানিয়ে আসছেন। এ বিষয়ে জানতে চাইলে সংশ্লিষ্ট কর্মকর্তা বলেন, আমরা বিষয়টি গুরুত্বের সঙ্গে দেখছি এবং শিগগিরই কার্যকর পদক্ষেপ নেওয়া হবে।

সংশ্লিষ্ট সূত্র জানায়, বিষয়টি নিয়ে স্থানীয় প্রশাসন ও সংশ্লিষ্ট দপ্তরের কর্মকর্তারা একাধিক বৈঠক করেছেন। তারা বলেন, পরিস্থিতি স্বাভাবিক রাখতে প্রয়োজনীয় সব ধরনের ব্যবস্থা নেওয়া হচ্ছে। এলাকাবাসী জানান, দীর্ঘদিন ধরে তারা এই সমস্যায় ভুগছেন এবং দ্রুত সমাধানের দাবি জানিয়ে আসছেন। এ বিষয়ে জানতে চাইলে সংশ্লিষ্ট কর্মকর্তা বলেন, আমরা বিষয়টি গুরুত্বের সঙ্গে দেখছি এবং শিগগিরই কার্যকর পদক্ষেপ নেওয়া হবে।

সংশ্লিষ্ট সূত্র জানায়, বিষয়টি নিয়ে স্থানীয় প্রশাসন ও সংশ্লিষ্ট দপ্তরের কর্মকর্তারা একাধিক বৈঠক করেছেন। তারা বলেন, পরিস্থিতি স্বাভাবিক রাখতে প্রয়োজনীয় সব ধরনের ব্যবস্থা নেওয়া হচ্ছে। এলাকাবাসী জানান, দীর্ঘদিন ধরে তারা এই সমস্যায় ভুগছেন এবং দ্রুত সমাধানের দাবি জানিয়ে আসছেন। এ বিষয়ে জানতে চাইলে সংশ্লিষ্ট কর্মকর্তা বলেন, আমরা বিষয়টি গুরুত্বের সঙ্গে দেখছি এবং শিগগিরই কার্যকর পদক্ষেপ নেওয়া হবে।

সংশ্লিষ্ট সূত্র জানায়, বিষয়টি নিয়ে স্থানীয় প্রশাসন ও সংশ্লিষ্ট দপ্তরের কর্মকর্তারা একাধিক বৈঠক করেছেন। তারা বলেন, পরিস্থিতি স্বাভাবিক রাখতে প্রয়োজনীয় সব ধরনের ব্যবস্থা নেওয়া হচ্ছে। এলাকাবাসী জানান, দীর্ঘদিন ধরে তারা এই সমস্যায় ভুগছেন এবং দ্রুত সমাধানের দাবি জানিয়ে আসছেন। এ বিষয়ে জানতে চাইলে সংশ্লিষ্ট কর্মকর্তা বলেন, আমরা বিষয়টি গুরুত্বের সঙ্গে দেখছি এবং শিগগিরই কার্যকর পদক্ষেপ নেওয়া হবে।

সংশ্লিষ্ট সূত্র জানায়, বিষয়টি নিয়ে স্থানীয় প্রশাসন ও সংশ্লিষ্ট দপ্তরের কর্মকর্তারা একাধিক বৈঠক করেছেন। তারা বলেন, পরিস্থিতি স্বাভাবিক রাখতে প্রয়োজনীয় সব ধরনের ব্যবস্থা নেওয়া হচ্ছে। এলাকাবাসী জানান, দীর্ঘদিন ধরে তারা এই সমস্যায় ভুগছেন এবং দ্রুত সমাধানের দাবি জানিয়ে আসছেন। এ বিষয়ে জানতে চাইলে সংশ্লিষ্ট কর্মকর্তা বলেন, আমরা বিষয়টি গুরুত্বের সঙ্গে দেখছি এবং শিগগিরই কার্যকর পদক্ষেপ নেওয়া হবে।

সংশ্লিষ্ট সূত্র জানায়, বিষয়টি নিয়ে স্থানীয় প্রশাসন ও সংশ্লিষ্ট দপ্তরের কর্মকর্তারা একাধিক বৈঠক করেছেন। তারা বলেন, পরিস্থিতি স্বাভাবিক রাখতে প্রয়োজনীয় সব ধরনের ব্যবস্থা নেওয়া হচ্ছে। এলাকাবাসী জানান, দীর্ঘদিন ধরে তারা এই সমস্যায় ভুগছেন এবং দ্রুত সমাধানের দাবি জানিয়ে আসছেন। এ বিষয়ে জানতে চাইলে সংশ্লিষ্ট কর্মকর্তা বলেন, আমরা বিষয়টি গুরুত্বের সঙ্গে দেখছি এবং শিগগিরই কার্যকর পদক্ষেপ নেওয়া হবে।

সংশ্লিষ্ট সূত্র জানায়, বিষয়টি নিয়ে স্থানীয় প্রশাসন ও সংশ্লিষ্ট দপ্তরের কর্মকর্তারা একাধিক বৈঠক করেছেন। তারা বলেন, পরিস্থিতি স্বাভাবিক রাখতে প্রয়োজনীয় সব ধরনের ব্যবস্থা নেওয়া হচ্ছে। এলাকাবাসী জানান, দীর্ঘদিন ধরে তারা এই সমস্যায় ভুগছেন এবং দ্রুত সমাধানের দাবি জানিয়ে আসছেন। এ বিষয়ে জানতে চাইলে সংশ্লিষ্ট কর্মকর্তা বলেন, আমরা বিষয়টি গুরুত্বের সঙ্গে দেখছি এবং শিগগিরই কার্যকর পদক্ষেপ নেওয়া হবে।

সংশ্লিষ্ট সূত্র জানায়, বিষয়টি নিয়ে স্থানীয় প্রশাসন ও সংশ্লিষ্ট দপ্তরের কর্মকর্তারা একাধিক বৈঠক করেছেন। তারা বলেন, পরিস্থিতি স্বাভাবিক রাখতে প্রয়োজনীয় সব ধরনের ব্যবস্থা নেওয়া হচ্ছে। এলাকাবাসী জানান, দীর্ঘদিন ধরে তারা এই সমস্যায় ভুগছেন এবং দ্রুত সমাধানের দাবি জানিয়ে আসছেন। এ বিষয়ে জানতে চাইলে সংশ্লিষ্ট কর্মকর্তা বলেন, আমরা বিষয়টি গুরুত্বের সঙ্গে দেখছি এবং শিগগিরই কার্যকর পদক্ষেপ নেওয়া হবে।

সংশ্লিষ্ট সূত্র জানায়, বিষয়টি নিয়ে স্থানীয় প্রশাসন ও সংশ্লিষ্ট দপ্তরের কর্মকর্তারা একাধিক বৈঠক করেছেন। তারা বলেন, পরিস্থিতি স্বাভাবিক রাখতে প্রয়োজনীয় সব ধরনের ব্যবস্থা নেওয়া হচ্ছে। এলাকাবাসী জানান, দীর্ঘদিন ধরে তারা এই সমস্যায় ভুগছেন এবং দ্রুত সমাধানের দাবি জানিয়ে আসছেন। এ বিষয়ে জানতে চাইলে সংশ্লিষ্ট কর্মকর্তা বলেন, আমরা বিষয়টি গুরুত্বের সঙ্গে দেখছি এবং শিগগিরই কার্যকর পদক্ষেপ নেওয়া হবে।

মশবাজারে গুরবদ্ধ মরদেহ
শেষ পৃষ্ঠার পর

সংশ্লিষ্ট সূত্র জানায়, বিষয়টি নিয়ে স্থানীয় প্রশাসন ও সংশ্লিষ্ট দপ্তরের কর্মকর্তারা একাধিক বৈঠক করেছেন। তারা বলেন, পরিস্থিতি স্বাভাবিক রাখতে প্রয়োজনীয় সব ধরনের ব্যবস্থা নেওয়া হচ্ছে। এলাকাবাসী জানান, দীর্ঘদিন ধরে তারা এই সমস্যায় ভুগছেন এবং দ্রুত সমাধানের দাবি জানিয়ে আসছেন। এ বিষয়ে জানতে চাইলে সংশ্লিষ্ট কর্মকর্তা বলেন, আমরা বিষয়টি গুরুত্বের সঙ্গে দেখছি এবং শিগগিরই কার্যকর পদক্ষেপ নেওয়া হবে।

যান্ত্রিক সভ্যতায় ভিড়ে হারিয়ে
শেষ পৃষ্ঠার পর

সংশ্লিষ্ট সূত্র জানায়, বিষয়টি নিয়ে স্থানীয় প্রশাসন ও সংশ্লিষ্ট দপ্তরের কর্মকর্তারা একাধিক বৈঠক করেছেন। তারা বলেন, পরিস্থিতি স্বাভাবিক রাখতে প্রয়োজনীয় সব ধরনের ব্যবস্থা নেওয়া হচ্ছে। এলাকাবাসী জানান, দীর্ঘদিন ধরে তারা এই সমস্যায় ভুগছেন এবং দ্রুত সমাধানের দাবি জানিয়ে আসছেন। এ বিষয়ে জানতে চাইলে সংশ্লিষ্ট কর্মকর্তা বলেন, আমরা বিষয়টি গুরুত্বের সঙ্গে দেখছি এবং শিগগিরই কার্যকর পদক্ষেপ নেওয়া হবে।

সংশ্লিষ্ট সূত্র জানায়, বিষয়টি নিয়ে স্থানীয় প্রশাসন ও সংশ্লিষ্ট দপ্তরের কর্মকর্তারা একাধিক বৈঠক করেছেন। তারা বলেন, পরিস্থিতি স্বাভাবিক রাখতে প্রয়োজনীয় সব ধরনের ব্যবস্থা নেওয়া হচ্ছে। এলাকাবাসী জানান, দীর্ঘদিন ধরে তারা এই সমস্যায় ভুগছেন এবং দ্রুত সমাধানের দাবি জানিয়ে আসছেন। এ বিষয়ে জানতে চাইলে সংশ্লিষ্ট কর্মকর্তা বলেন, আমরা বিষয়টি গুরুত্বের সঙ্গে দেখছি এবং শিগগিরই কার্যকর পদক্ষেপ নেওয়া হবে।

সংশ্লিষ্ট সূত্র জানায়, বিষয়টি নিয়ে স্থানীয় প্রশাসন ও সংশ্লিষ্ট দপ্তরের কর্মকর্তারা একাধিক বৈঠক করেছেন। তারা বলেন, পরিস্থিতি স্বাভাবিক রাখতে প্রয়োজনীয় সব ধরনের ব্যবস্থা নেওয়া হচ্ছে। এলাকাবাসী জানান, দীর্ঘদিন ধরে তারা এই সমস্যায় ভুগছেন এবং দ্রুত সমাধানের দাবি জানিয়ে আসছেন। এ বিষয়ে জানতে চাইলে সংশ্লিষ্ট কর্মকর্তা বলেন, আমরা বিষয়টি গুরুত্বের সঙ্গে দেখছি এবং শিগগিরই কার্যকর পদক্ষেপ নেওয়া হবে।

সংশ্লিষ্ট সূত্র জানায়, বিষয়টি নিয়ে স্থানীয় প্রশাসন ও সংশ্লিষ্ট দপ্তরের কর্মকর্তারা একাধিক বৈঠক করেছেন। তারা বলেন, পরিস্থিতি স্বাভাবিক রাখতে প্রয়োজনীয় সব ধরনের ব্যবস্থা নেওয়া হচ্ছে। এলাকাবাসী জানান, দীর্ঘদিন ধরে তারা এই সমস্যায় ভুগছেন এবং দ্রুত সমাধানের দাবি জানিয়ে আসছেন। এ বিষয়ে জানতে চাইলে সংশ্লিষ্ট কর্মকর্তা বলেন, আমরা বিষয়টি গুরুত্বের সঙ্গে দেখছি এবং শিগগিরই কার্যকর পদক্ষেপ নেওয়া হবে।

সংশ্লিষ্ট সূত্র জানায়, বিষয়টি নিয়ে স্থানীয় প্রশাসন ও সংশ্লিষ্ট দপ্তরের কর্মকর্তারা একাধিক বৈঠক করেছেন। তারা বলেন, পরিস্থিতি স্বাভাবিক রাখতে প্রয়োজনীয় সব ধরনের ব্যবস্থা নেওয়া হচ্ছে। এলাকাবাসী জানান, দীর্ঘদিন ধরে তারা এই সমস্যায় ভুগছেন এবং দ্রুত সমাধানের দাবি জানিয়ে আসছেন। এ বিষয়ে জানতে চাইলে সংশ্লিষ্ট কর্মকর্তা বলেন, আমরা বিষয়টি গুরুত্বের সঙ্গে দেখছি এবং শিগগিরই কার্যকর পদক্ষেপ নেওয়া হবে।

সংশ্লিষ্ট সূত্র জানায়, বিষয়টি নিয়ে স্থানীয় প্রশাসন ও সংশ্লিষ্ট দপ্তরের কর্মকর্তারা একাধিক বৈঠক করেছেন। তারা বলেন, পরিস্থিতি স্বাভাবিক রাখতে প্রয়োজনীয় সব ধরনের ব্যবস্থা নেওয়া হচ্ছে। এলাকাবাসী জানান, দীর্ঘদিন ধরে তারা এই সমস্যায় ভুগছেন এবং দ্রুত সমাধানের দাবি জানিয়ে আসছেন। এ বিষয়ে জানতে চাইলে সংশ্লিষ্ট কর্মকর্তা বলেন, আমরা বিষয়টি গুরুত্বের সঙ্গে দেখছি এবং শিগগিরই কার্যকর পদক্ষেপ নেওয়া হবে।

সংশ্লিষ্ট সূত্র জানায়, বিষয়টি নিয়ে স্থানীয় প্রশাসন ও সংশ্লিষ্ট দপ্তরের কর্মকর্তারা একাধিক বৈঠক করেছেন। তারা বলেন, পরিস্থিতি স্বাভাবিক রাখতে প্রয়োজনীয় সব ধরনের ব্যবস্থা নেওয়া হচ্ছে। এলাকাবাসী জানান, দীর্ঘদিন ধরে তারা এই সমস্যায় ভুগছেন এবং দ্রুত সমাধানের দাবি জানিয়ে আসছেন। এ বিষয়ে জানতে চাইলে সংশ্লিষ্ট কর্মকর্তা বলেন, আমরা বিষয়টি গুরুত্বের সঙ্গে দেখছি এবং শিগগিরই কার্যকর পদক্ষেপ নেওয়া হবে।

সংশ্লিষ্ট সূত্র জানায়, বিষয়টি নিয়ে স্থানীয় প্রশাসন ও সংশ্লিষ্ট দপ্তরের কর্মকর্তারা একাধিক বৈঠক করেছেন। তারা বলেন, পরিস্থিতি স্বাভাবিক রাখতে প্রয়োজনীয় সব ধরনের ব্যবস্থা নেওয়া হচ্ছে। এলাকাবাসী জানান, দীর্ঘদিন ধরে তারা এই সমস্যায় ভুগছেন এবং দ্রুত সমাধানের দাবি জানিয়ে আসছেন। এ বিষয়ে জানতে চাইলে সংশ্লিষ্ট কর্মকর্তা বলেন, আমরা বিষয়টি গুরুত্বের সঙ্গে দেখছি এবং শিগগিরই কার্যকর পদক্ষেপ নেওয়া হবে।

ইমরান খানকে 'জেল সেলে'
শেষ পৃষ্ঠার পর

সংশ্লিষ্ট সূত্র জানায়, বিষয়টি নিয়ে স্থানীয় প্রশাসন ও সংশ্লিষ্ট দপ্তরের কর্মকর্তারা একাধিক বৈঠক করেছেন। তারা বলেন, পরিস্থিতি স্বাভাবিক রাখতে প্রয়োজনীয় সব ধরনের ব্যবস্থা নেওয়া হচ্ছে। এলাকাবাসী জানান, দীর্ঘদিন ধরে তারা এই সমস্যায় ভুগছেন এবং দ্রুত সমাধানের দাবি জানিয়ে আসছেন। এ বিষয়ে জানতে চাইলে সংশ্লিষ্ট কর্মকর্তা বলেন, আমরা বিষয়টি গুরুত্বের সঙ্গে দেখছি এবং শিগগিরই কার্যকর পদক্ষেপ নেওয়া হবে।

সংশ্লিষ্ট সূত্র জানায়, বিষয়টি নিয়ে স্থানীয় প্রশাসন ও সংশ্লিষ্ট দপ্তরের কর্মকর্তারা একাধিক বৈঠক করেছেন। তারা বলেন, পরিস্থিতি স্বাভাবিক রাখতে প্রয়োজনীয় সব ধরনের ব্যবস্থা নেওয়া হচ্ছে। এলাকাবাসী জানান, দীর্ঘদিন ধরে তারা এই সমস্যায় ভুগছেন এবং দ্রুত সমাধানের দাবি জানিয়ে আসছেন। এ বিষয়ে জানতে চাইলে সংশ্লিষ্ট কর্মকর্তা বলেন, আমরা বিষয়টি গুরুত্বের সঙ্গে দেখছি এবং শিগগিরই কার্যকর পদক্ষেপ নেওয়া হবে।

সংশ্লিষ্ট সূত্র জানায়, বিষয়টি নিয়ে স্থানীয় প্রশাসন ও সংশ্লিষ্ট দপ্তরের কর্মকর্তারা একাধিক বৈঠক করেছেন। তারা বলেন, পরিস্থিতি স্বাভাবিক রাখতে প্রয়োজনীয় সব ধরনের ব্যবস্থা নেওয়া হচ্ছে। এলাকাবাসী জানান, দীর্ঘদিন ধরে তারা এই সমস্যায় ভুগছেন এবং দ্রুত সমাধানের দাবি জানিয়ে আসছেন। এ বিষয়ে জানতে চাইলে সংশ্লিষ্ট কর্মকর্তা বলেন, আমরা বিষয়টি গুরুত্বের সঙ্গে দেখছি এবং শিগগিরই কার্যকর পদক্ষেপ নেওয়া হবে।

সংশ্লিষ্ট সূত্র জানায়, বিষয়টি নিয়ে স্থানীয় প্রশাসন ও সংশ্লিষ্ট দপ্তরের কর্মকর্তারা একাধিক বৈঠক করেছেন। তারা বলেন, পরিস্থিতি স্বাভাবিক রাখতে প্রয়োজনীয় সব ধরনের ব্যবস্থা নেওয়া হচ্ছে। এলাকাবাসী জানান, দীর্ঘদিন ধরে তারা এই সমস্যায় ভুগছেন এবং দ্রুত সমাধানের দাবি জানিয়ে আসছেন। এ বিষয়ে জানতে চাইলে সংশ্লিষ্ট কর্মকর্তা বলেন, আমরা বিষয়টি গুরুত্বের সঙ্গে দেখছি এবং শিগগিরই কার্যকর পদক্ষেপ নেওয়া হবে।
